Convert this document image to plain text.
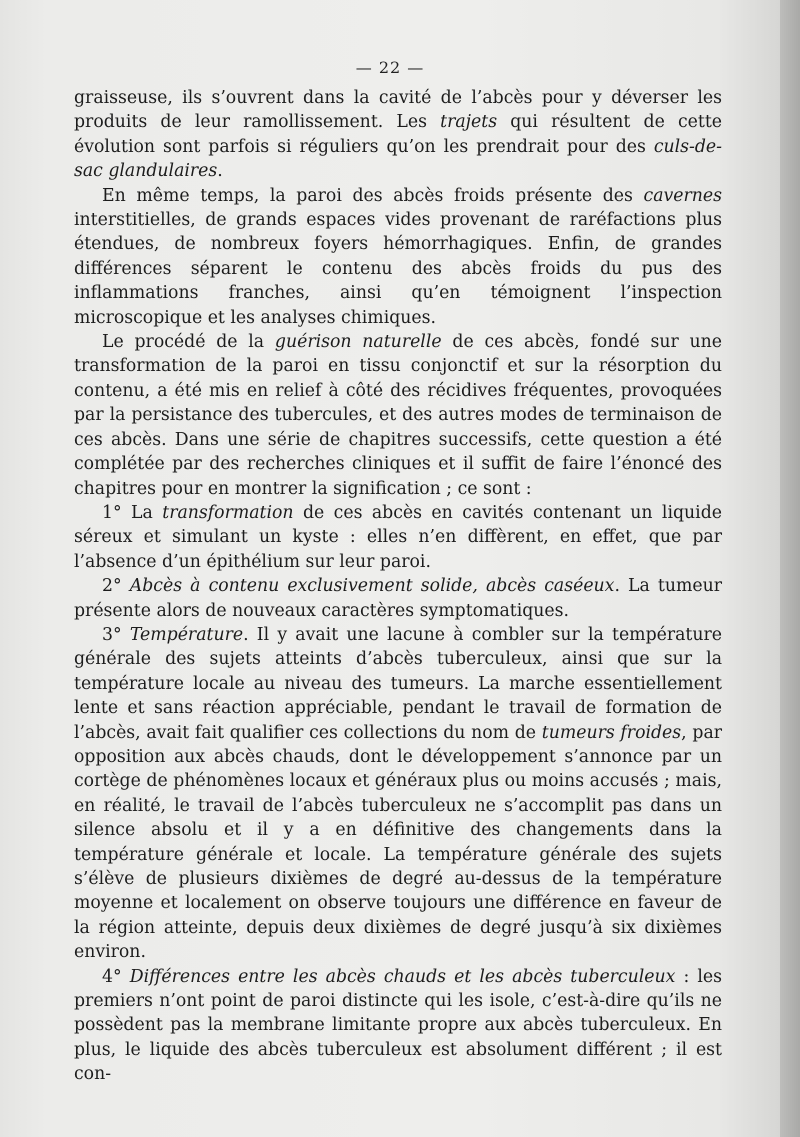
— 22 —

graisseuse, ils s’ouvrent dans la cavité de l’abcès pour y déverser les produits de leur ramollissement. Les trajets qui résultent de cette évolution sont parfois si réguliers qu’on les prendrait pour des culs-de-sac glandulaires.

En même temps, la paroi des abcès froids présente des cavernes interstitielles, de grands espaces vides provenant de raréfactions plus étendues, de nombreux foyers hémorrhagiques. Enfin, de grandes différences séparent le contenu des abcès froids du pus des inflammations franches, ainsi qu’en témoignent l’inspection microscopique et les analyses chimiques.

Le procédé de la guérison naturelle de ces abcès, fondé sur une transformation de la paroi en tissu conjonctif et sur la résorption du contenu, a été mis en relief à côté des récidives fréquentes, provoquées par la persistance des tubercules, et des autres modes de terminaison de ces abcès. Dans une série de chapitres successifs, cette question a été complétée par des recherches cliniques et il suffit de faire l’énoncé des chapitres pour en montrer la signification ; ce sont :

1° La transformation de ces abcès en cavités contenant un liquide séreux et simulant un kyste : elles n’en diffèrent, en effet, que par l’absence d’un épithélium sur leur paroi.

2° Abcès à contenu exclusivement solide, abcès caséeux. La tumeur présente alors de nouveaux caractères symptomatiques.

3° Température. Il y avait une lacune à combler sur la température générale des sujets atteints d’abcès tuberculeux, ainsi que sur la température locale au niveau des tumeurs. La marche essentiellement lente et sans réaction appréciable, pendant le travail de formation de l’abcès, avait fait qualifier ces collections du nom de tumeurs froides, par opposition aux abcès chauds, dont le développement s’annonce par un cortège de phénomènes locaux et généraux plus ou moins accusés ; mais, en réalité, le travail de l’abcès tuberculeux ne s’accomplit pas dans un silence absolu et il y a en définitive des changements dans la température générale et locale. La température générale des sujets s’élève de plusieurs dixièmes de degré au-dessus de la température moyenne et localement on observe toujours une différence en faveur de la région atteinte, depuis deux dixièmes de degré jusqu’à six dixièmes environ.

4° Différences entre les abcès chauds et les abcès tuberculeux : les premiers n’ont point de paroi distincte qui les isole, c’est-à-dire qu’ils ne possèdent pas la membrane limitante propre aux abcès tuberculeux. En plus, le liquide des abcès tuberculeux est absolument différent ; il est con-
